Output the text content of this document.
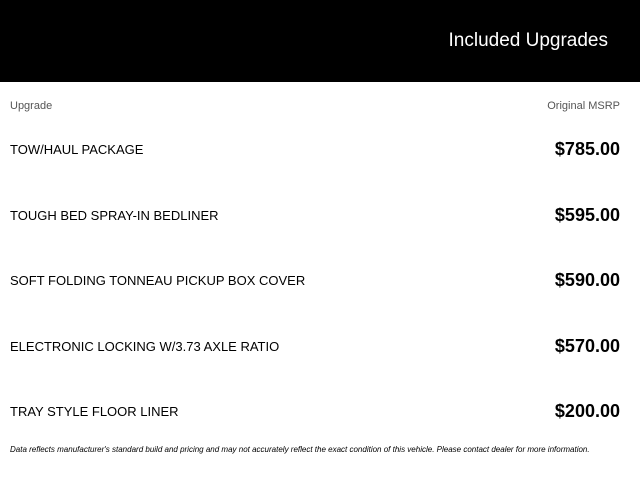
Included Upgrades
Upgrade	Original MSRP
TOW/HAUL PACKAGE	$785.00
TOUGH BED SPRAY-IN BEDLINER	$595.00
SOFT FOLDING TONNEAU PICKUP BOX COVER	$590.00
ELECTRONIC LOCKING W/3.73 AXLE RATIO	$570.00
TRAY STYLE FLOOR LINER	$200.00
Data reflects manufacturer's standard build and pricing and may not accurately reflect the exact condition of this vehicle. Please contact dealer for more information.
